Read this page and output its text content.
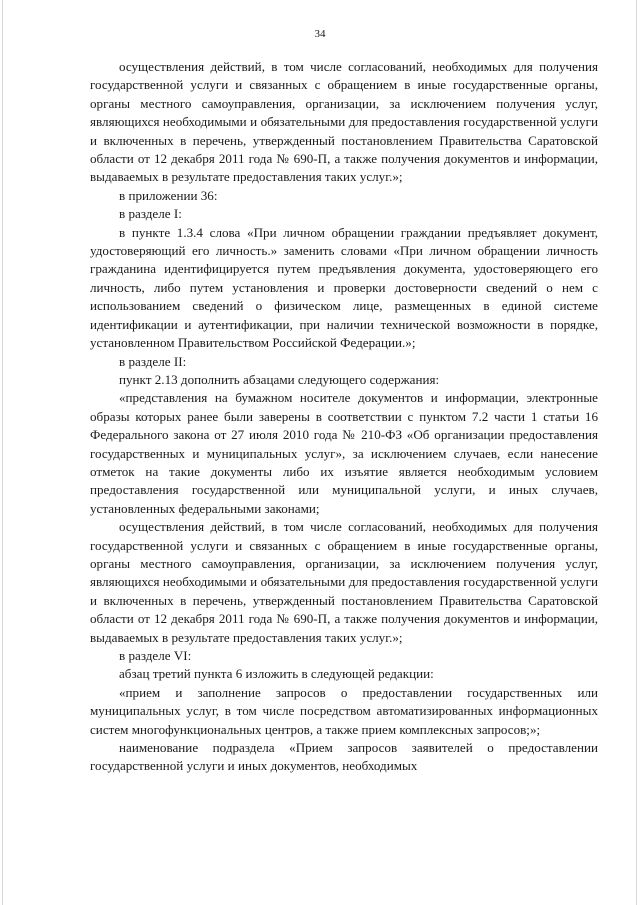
34

осуществления действий, в том числе согласований, необходимых для получения государственной услуги и связанных с обращением в иные государственные органы, органы местного самоуправления, организации, за исключением получения услуг, являющихся необходимыми и обязательными для предоставления государственной услуги и включенных в перечень, утвержденный постановлением Правительства Саратовской области от 12 декабря 2011 года № 690-П, а также получения документов и информации, выдаваемых в результате предоставления таких услуг.»;

в приложении 36:

в разделе I:

в пункте 1.3.4 слова «При личном обращении граждании предъявляет документ, удостоверяющий его личность.» заменить словами «При личном обращении личность гражданина идентифицируется путем предъявления документа, удостоверяющего его личность, либо путем установления и проверки достоверности сведений о нем с использованием сведений о физическом лице, размещенных в единой системе идентификации и аутентификации, при наличии технической возможности в порядке, установленном Правительством Российской Федерации.»;

в разделе II:

пункт 2.13 дополнить абзацами следующего содержания:

«представления на бумажном носителе документов и информации, электронные образы которых ранее были заверены в соответствии с пунктом 7.2 части 1 статьи 16 Федерального закона от 27 июля 2010 года № 210-ФЗ «Об организации предоставления государственных и муниципальных услуг», за исключением случаев, если нанесение отметок на такие документы либо их изъятие является необходимым условием предоставления государственной или муниципальной услуги, и иных случаев, установленных федеральными законами;

осуществления действий, в том числе согласований, необходимых для получения государственной услуги и связанных с обращением в иные государственные органы, органы местного самоуправления, организации, за исключением получения услуг, являющихся необходимыми и обязательными для предоставления государственной услуги и включенных в перечень, утвержденный постановлением Правительства Саратовской области от 12 декабря 2011 года № 690-П, а также получения документов и информации, выдаваемых в результате предоставления таких услуг.»;

в разделе VI:

абзац третий пункта 6 изложить в следующей редакции:

«прием и заполнение запросов о предоставлении государственных или муниципальных услуг, в том числе посредством автоматизированных информационных систем многофункциональных центров, а также прием комплексных запросов;»;

наименование подраздела «Прием запросов заявителей о предоставлении государственной услуги и иных документов, необходимых
